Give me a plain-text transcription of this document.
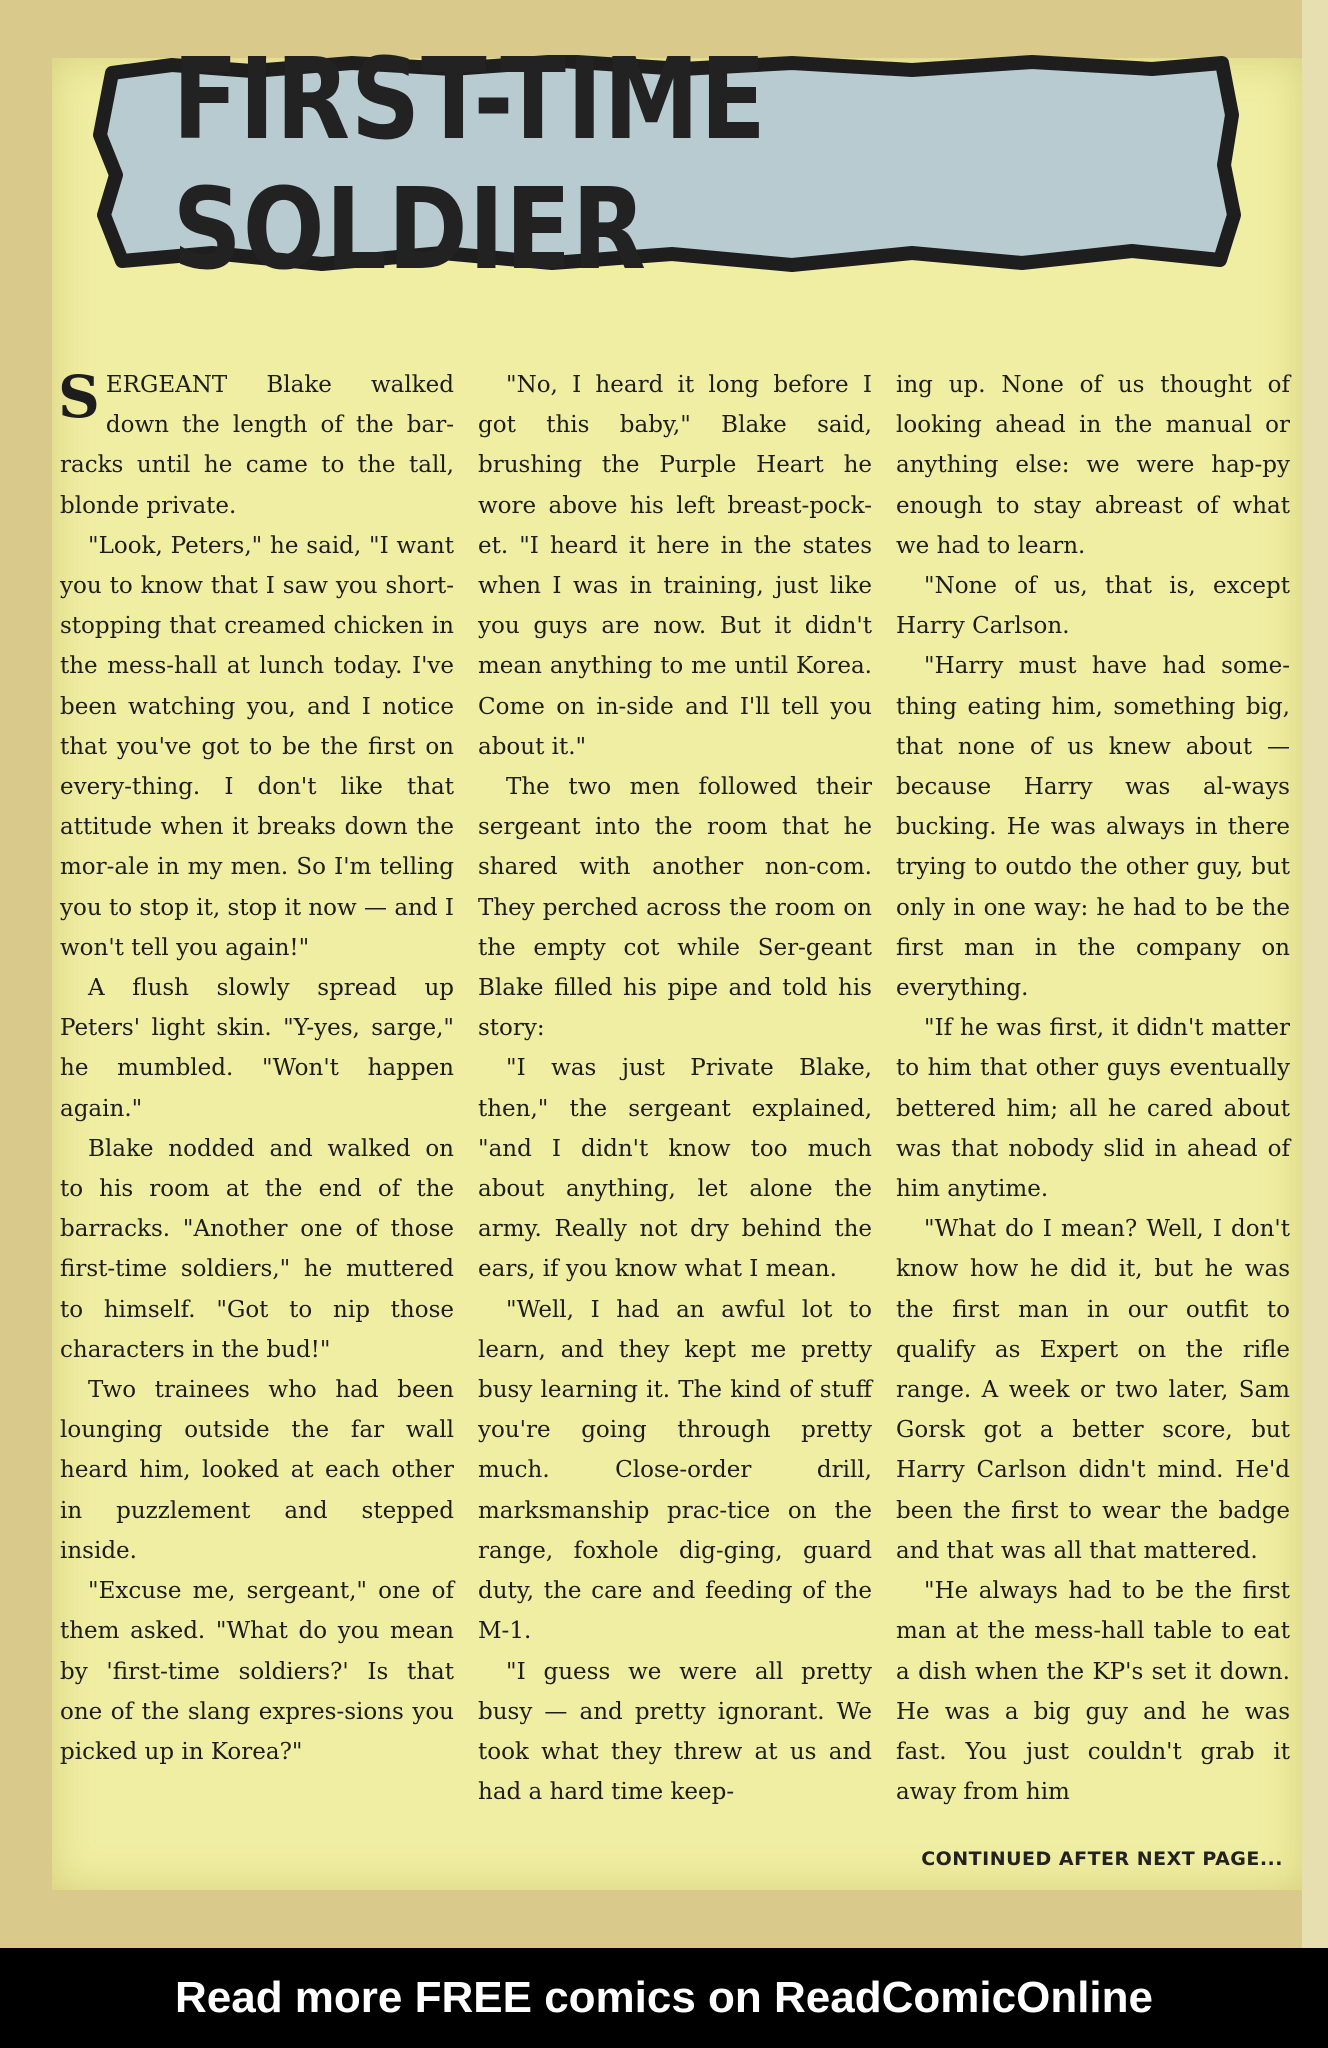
FIRST-TIME SOLDIER

SERGEANT Blake walked down the length of the bar-racks until he came to the tall, blonde private.

"Look, Peters," he said, "I want you to know that I saw you short-stopping that creamed chicken in the mess-hall at lunch today. I've been watching you, and I notice that you've got to be the first on every-thing. I don't like that attitude when it breaks down the mor-ale in my men. So I'm telling you to stop it, stop it now — and I won't tell you again!"

A flush slowly spread up Peters' light skin. "Y-yes, sarge," he mumbled. "Won't happen again."

Blake nodded and walked on to his room at the end of the barracks. "Another one of those first-time soldiers," he muttered to himself. "Got to nip those characters in the bud!"

Two trainees who had been lounging outside the far wall heard him, looked at each other in puzzlement and stepped inside.

"Excuse me, sergeant," one of them asked. "What do you mean by 'first-time soldiers?' Is that one of the slang expres-sions you picked up in Korea?"

"No, I heard it long before I got this baby," Blake said, brushing the Purple Heart he wore above his left breast-pock-et. "I heard it here in the states when I was in training, just like you guys are now. But it didn't mean anything to me until Korea. Come on in-side and I'll tell you about it."

The two men followed their sergeant into the room that he shared with another non-com. They perched across the room on the empty cot while Ser-geant Blake filled his pipe and told his story:

"I was just Private Blake, then," the sergeant explained, "and I didn't know too much about anything, let alone the army. Really not dry behind the ears, if you know what I mean.

"Well, I had an awful lot to learn, and they kept me pretty busy learning it. The kind of stuff you're going through pretty much. Close-order drill, marksmanship prac-tice on the range, foxhole dig-ging, guard duty, the care and feeding of the M-1.

"I guess we were all pretty busy — and pretty ignorant. We took what they threw at us and had a hard time keep-

ing up. None of us thought of looking ahead in the manual or anything else: we were hap-py enough to stay abreast of what we had to learn.

"None of us, that is, except Harry Carlson.

"Harry must have had some-thing eating him, something big, that none of us knew about — because Harry was al-ways bucking. He was always in there trying to outdo the other guy, but only in one way: he had to be the first man in the company on everything.

"If he was first, it didn't matter to him that other guys eventually bettered him; all he cared about was that nobody slid in ahead of him anytime.

"What do I mean? Well, I don't know how he did it, but he was the first man in our outfit to qualify as Expert on the rifle range. A week or two later, Sam Gorsk got a better score, but Harry Carlson didn't mind. He'd been the first to wear the badge and that was all that mattered.

"He always had to be the first man at the mess-hall table to eat a dish when the KP's set it down. He was a big guy and he was fast. You just couldn't grab it away from him

CONTINUED AFTER NEXT PAGE...
Read more FREE comics on ReadComicOnline
